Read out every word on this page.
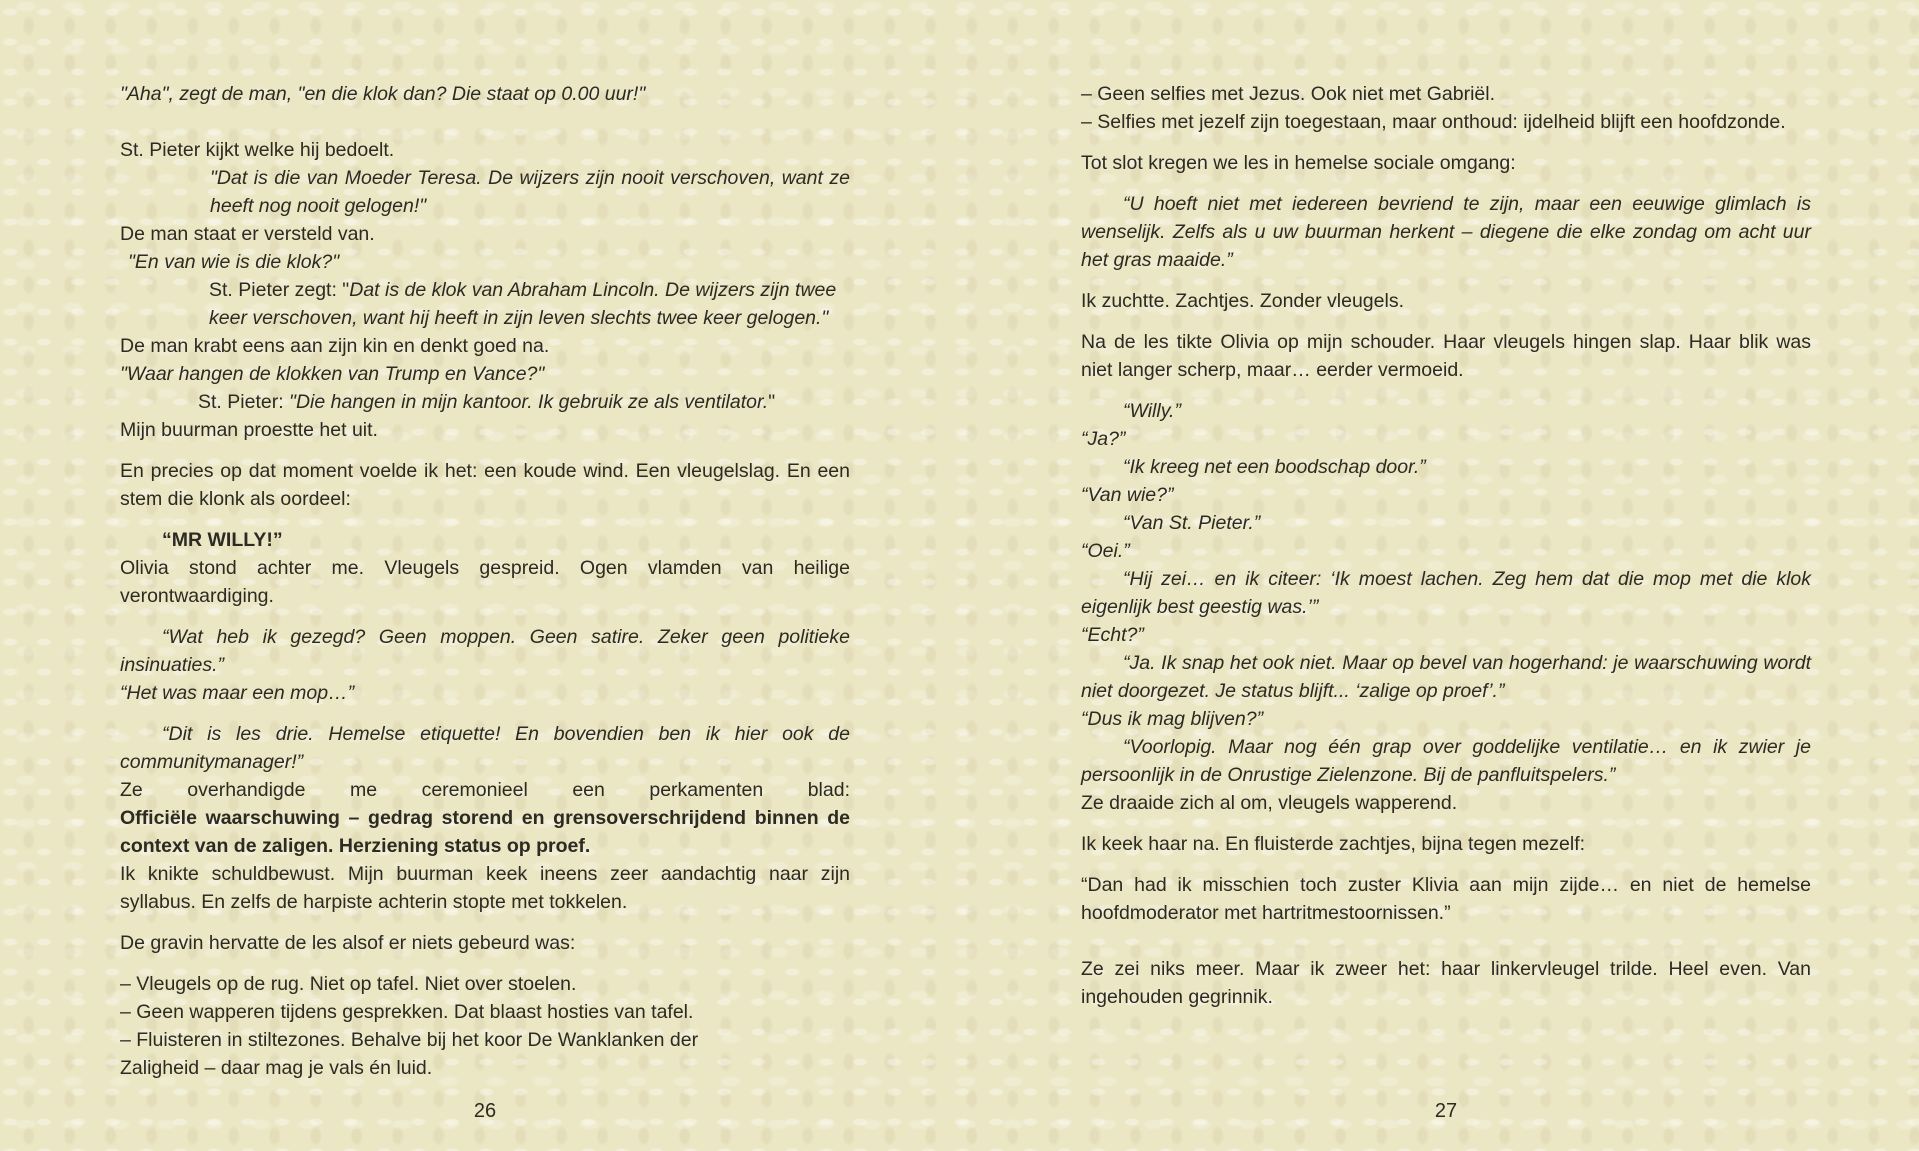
"Aha", zegt de man, "en die klok dan? Die staat op 0.00 uur!"

St. Pieter kijkt welke hij bedoelt.

"Dat is die van Moeder Teresa. De wijzers zijn nooit verschoven, want ze heeft nog nooit gelogen!"

De man staat er versteld van.

"En van wie is die klok?"

St. Pieter zegt: "Dat is de klok van Abraham Lincoln. De wijzers zijn twee keer verschoven, want hij heeft in zijn leven slechts twee keer gelogen."

De man krabt eens aan zijn kin en denkt goed na.

"Waar hangen de klokken van Trump en Vance?"

St. Pieter: "Die hangen in mijn kantoor. Ik gebruik ze als ventilator."

Mijn buurman proestte het uit.

En precies op dat moment voelde ik het: een koude wind. Een vleugelslag. En een stem die klonk als oordeel:

“MR WILLY!”

Olivia stond achter me. Vleugels gespreid. Ogen vlamden van heilige verontwaardiging.

“Wat heb ik gezegd? Geen moppen. Geen satire. Zeker geen politieke insinuaties.”

“Het was maar een mop…”

“Dit is les drie. Hemelse etiquette! En bovendien ben ik hier ook de communitymanager!”

Ze overhandigde me ceremonieel een perkamenten blad:

Officiële waarschuwing – gedrag storend en grensoverschrijdend binnen de context van de zaligen. Herziening status op proef.

Ik knikte schuldbewust. Mijn buurman keek ineens zeer aandachtig naar zijn syllabus. En zelfs de harpiste achterin stopte met tokkelen.

De gravin hervatte de les alsof er niets gebeurd was:

– Vleugels op de rug. Niet op tafel. Niet over stoelen.

– Geen wapperen tijdens gesprekken. Dat blaast hosties van tafel.

– Fluisteren in stiltezones. Behalve bij het koor De Wanklanken der Zaligheid – daar mag je vals én luid.

26

– Geen selfies met Jezus. Ook niet met Gabriël.

– Selfies met jezelf zijn toegestaan, maar onthoud: ijdelheid blijft een hoofdzonde.

Tot slot kregen we les in hemelse sociale omgang:

“U hoeft niet met iedereen bevriend te zijn, maar een eeuwige glimlach is wenselijk. Zelfs als u uw buurman herkent – diegene die elke zondag om acht uur het gras maaide.”

Ik zuchtte. Zachtjes. Zonder vleugels.

Na de les tikte Olivia op mijn schouder. Haar vleugels hingen slap. Haar blik was niet langer scherp, maar… eerder vermoeid.

“Willy.”

“Ja?”

“Ik kreeg net een boodschap door.”

“Van wie?”

“Van St. Pieter.”

“Oei.”

“Hij zei… en ik citeer: ‘Ik moest lachen. Zeg hem dat die mop met die klok eigenlijk best geestig was.’”

“Echt?”

“Ja. Ik snap het ook niet. Maar op bevel van hogerhand: je waarschuwing wordt niet doorgezet. Je status blijft... ‘zalige op proef’.”

“Dus ik mag blijven?”

“Voorlopig. Maar nog één grap over goddelijke ventilatie… en ik zwier je persoonlijk in de Onrustige Zielenzone. Bij de panfluitspelers.”

Ze draaide zich al om, vleugels wapperend.

Ik keek haar na. En fluisterde zachtjes, bijna tegen mezelf:

“Dan had ik misschien toch zuster Klivia aan mijn zijde… en niet de hemelse hoofdmoderator met hartritmestoornissen.”

Ze zei niks meer. Maar ik zweer het: haar linkervleugel trilde. Heel even. Van ingehouden gegrinnik.

27
